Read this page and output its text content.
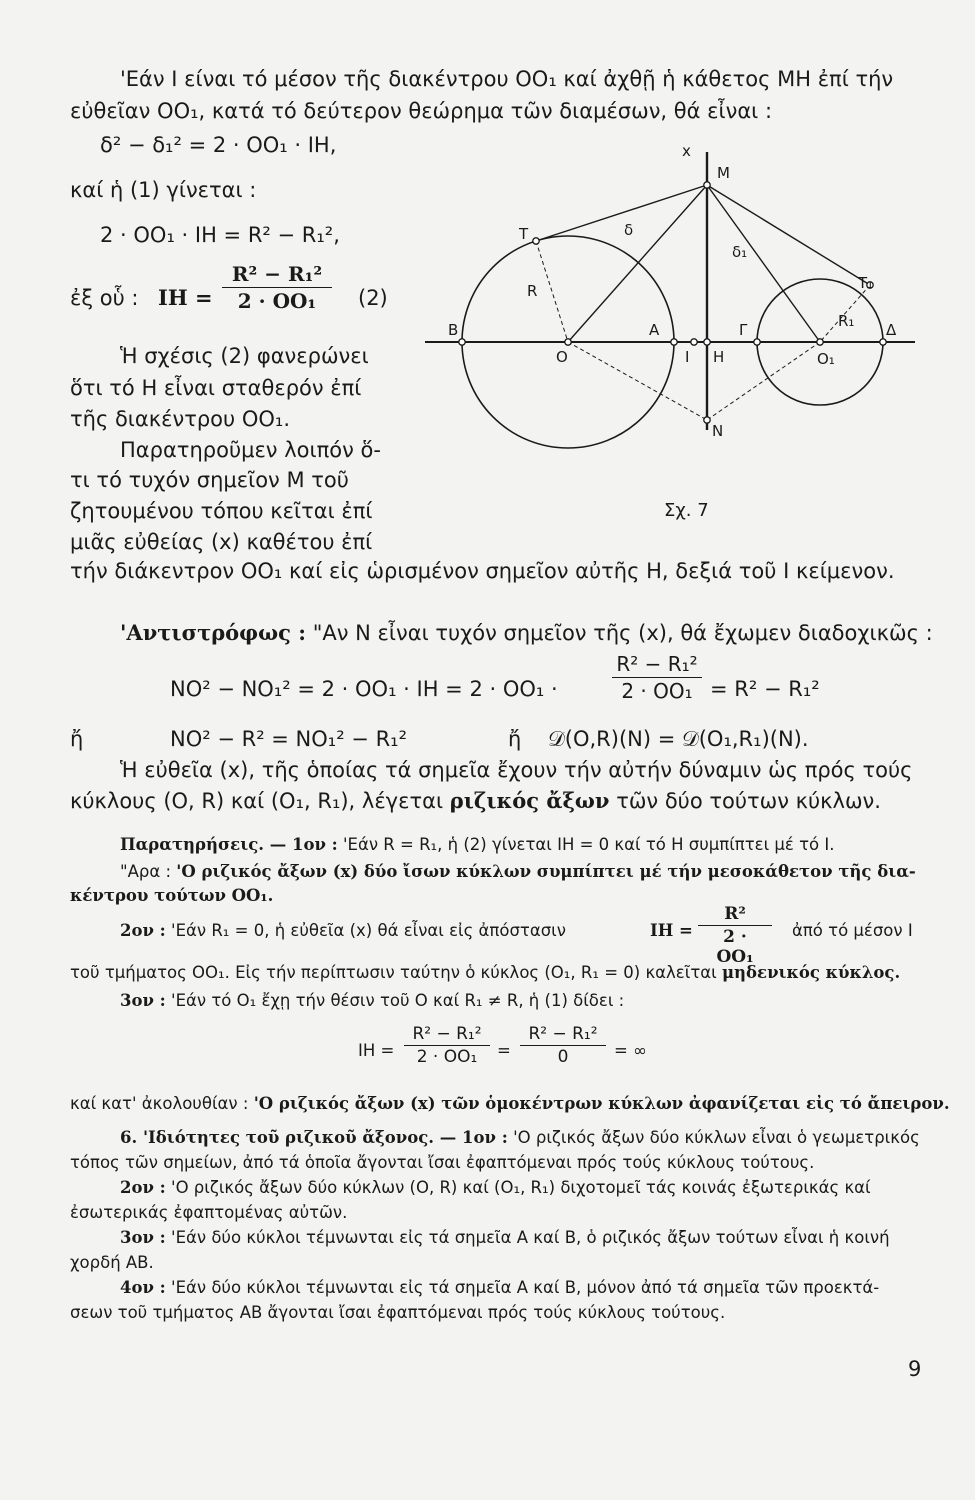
'Εάν Ι είναι τό μέσον τῆς διακέντρου ΟΟ₁ καί ἀχθῇ ἡ κάθετος ΜΗ ἐπί τήν
εὐθεῖαν ΟΟ₁, κατά τό δεύτερον θεώρημα τῶν διαμέσων, θά εἶναι :
δ² − δ₁² = 2 · ΟΟ₁ · ΙΗ,
καί ἡ (1) γίνεται :
2 · ΟΟ₁ · ΙΗ = R² − R₁²,
ἐξ οὗ : ΙΗ =
R² − R₁²
2 · ΟΟ₁	(2)
Ἡ σχέσις (2) φανερώνει
ὅτι τό Η εἶναι σταθερόν ἐπί
τῆς διακέντρου ΟΟ₁.
Παρατηροῦμεν λοιπόν ὅ-
τι τό τυχόν σημεῖον Μ τοῦ
ζητουμένου τόπου κεῖται ἐπί
μιᾶς εὐθείας (x) καθέτου ἐπί
τήν διάκεντρον ΟΟ₁ καί εἰς ὡρισμένον σημεῖον αὐτῆς Η, δεξιά τοῦ Ι κείμενον.
x
M
T	δ
δ₁
T₁
R
R₁
B	A	Γ	Δ
O	I H	O₁
N
Σχ. 7
'Αντιστρόφως : "Αν Ν εἶναι τυχόν σημεῖον τῆς (x), θά ἔχωμεν διαδοχικῶς :
ΝΟ² − ΝΟ₁² = 2 · ΟΟ₁ · ΙΗ = 2 · ΟΟ₁ ·
R² − R₁²
2 · ΟΟ₁ = R² − R₁²
ἤ	ΝΟ² − R² = ΝΟ₁² − R₁²	ἤ 𝒟(O,R)(N) = 𝒟(O₁,R₁)(N).
Ἡ εὐθεῖα (x), τῆς ὁποίας τά σημεῖα ἔχουν τήν αὐτήν δύναμιν ὡς πρός τούς
κύκλους (Ο, R) καί (Ο₁, R₁), λέγεται ριζικός ἄξων τῶν δύο τούτων κύκλων.
Παρατηρήσεις. — 1ον : 'Εάν R = R₁, ἡ (2) γίνεται ΙΗ = 0 καί τό Η συμπίπτει μέ τό Ι.
"Αρα : 'Ο ριζικός ἄξων (x) δύο ἴσων κύκλων συμπίπτει μέ τήν μεσοκάθετον τῆς δια-
κέντρου τούτων ΟΟ₁.
2ον : 'Εάν R₁ = 0, ἡ εὐθεῖα (x) θά εἶναι εἰς ἀπόστασιν	ΙΗ =
R²
2 · ΟΟ₁
ἀπό τό μέσον Ι
τοῦ τμήματος ΟΟ₁. Εἰς τήν περίπτωσιν ταύτην ὁ κύκλος (Ο₁, R₁ = 0) καλεῖται μηδενικός κύκλος.
3ον : 'Εάν τό Ο₁ ἔχῃ τήν θέσιν τοῦ Ο καί R₁ ≠ R, ἡ (1) δίδει :
ΙΗ =
R² − R₁²
2 · ΟΟ₁	=
R² − R₁²
0	= ∞
καί κατ' ἀκολουθίαν : 'Ο ριζικός ἄξων (x) τῶν ὁμοκέντρων κύκλων ἀφανίζεται εἰς τό ἄπειρον.
6. 'Ιδιότητες τοῦ ριζικοῦ ἄξονος. — 1ον : 'Ο ριζικός ἄξων δύο κύκλων εἶναι ὁ γεωμετρικός
τόπος τῶν σημείων, ἀπό τά ὁποῖα ἄγονται ἴσαι ἐφαπτόμεναι πρός τούς κύκλους τούτους.
2ον : 'Ο ριζικός ἄξων δύο κύκλων (Ο, R) καί (Ο₁, R₁) διχοτομεῖ τάς κοινάς ἐξωτερικάς καί
ἐσωτερικάς ἐφαπτομένας αὐτῶν.
3ον : 'Εάν δύο κύκλοι τέμνωνται εἰς τά σημεῖα Α καί Β, ὁ ριζικός ἄξων τούτων εἶναι ἡ κοινή
χορδή ΑΒ.
4ον : 'Εάν δύο κύκλοι τέμνωνται εἰς τά σημεῖα Α καί Β, μόνον ἀπό τά σημεῖα τῶν προεκτά-
σεων τοῦ τμήματος ΑΒ ἄγονται ἴσαι ἐφαπτόμεναι πρός τούς κύκλους τούτους.
9
